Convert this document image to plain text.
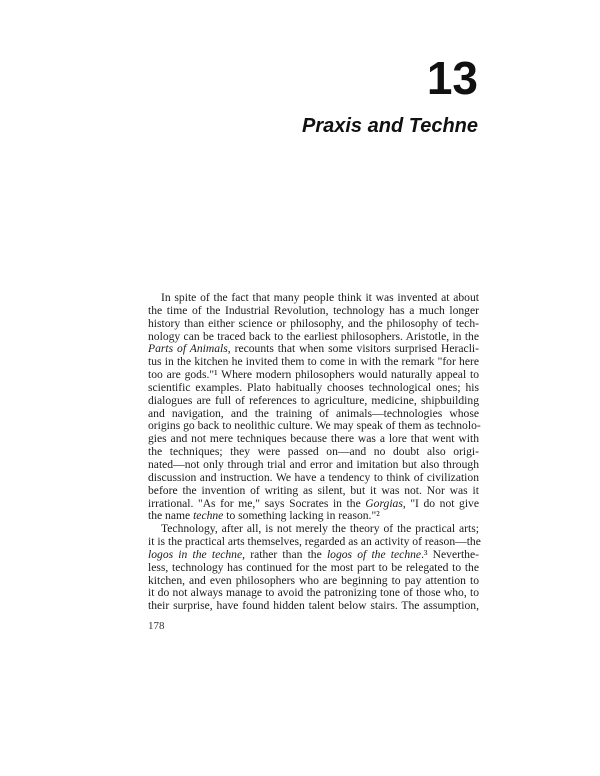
13
Praxis and Techne
In spite of the fact that many people think it was invented at about
the time of the Industrial Revolution, technology has a much longer
history than either science or philosophy, and the philosophy of tech-
nology can be traced back to the earliest philosophers. Aristotle, in the
Parts of Animals, recounts that when some visitors surprised Heracli-
tus in the kitchen he invited them to come in with the remark "for here
too are gods."¹ Where modern philosophers would naturally appeal to
scientific examples. Plato habitually chooses technological ones; his
dialogues are full of references to agriculture, medicine, shipbuilding
and navigation, and the training of animals—technologies whose
origins go back to neolithic culture. We may speak of them as technolo-
gies and not mere techniques because there was a lore that went with
the techniques; they were passed on—and no doubt also origi-
nated—not only through trial and error and imitation but also through
discussion and instruction. We have a tendency to think of civilization
before the invention of writing as silent, but it was not. Nor was it
irrational. "As for me," says Socrates in the Gorgias, "I do not give
the name techne to something lacking in reason."²
Technology, after all, is not merely the theory of the practical arts;
it is the practical arts themselves, regarded as an activity of reason—the
logos in the techne, rather than the logos of the techne.³ Neverthe-
less, technology has continued for the most part to be relegated to the
kitchen, and even philosophers who are beginning to pay attention to
it do not always manage to avoid the patronizing tone of those who, to
their surprise, have found hidden talent below stairs. The assumption,
178
